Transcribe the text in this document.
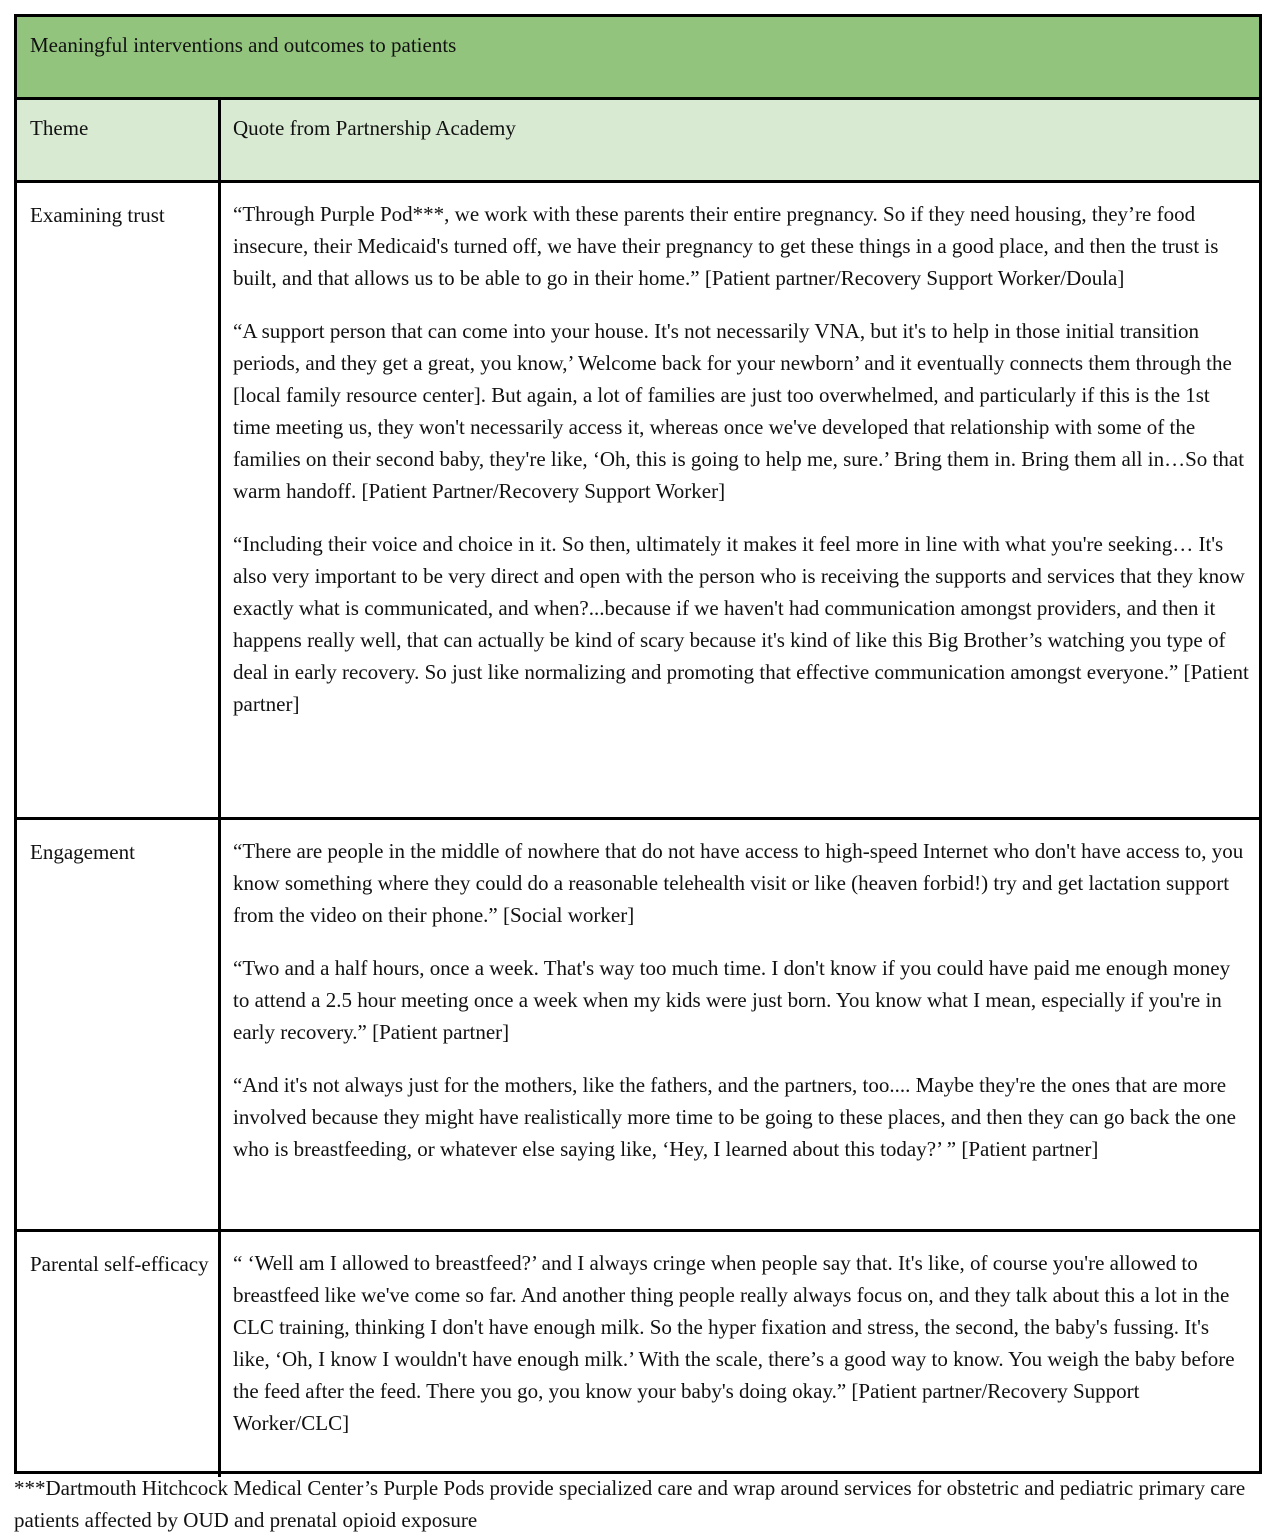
Meaningful interventions and outcomes to patients
Theme	Quote from Partnership Academy
Examining trust	“Through Purple Pod***, we work with these parents their entire pregnancy. So if they need housing, they’re food insecure, their Medicaid's turned off, we have their pregnancy to get these things in a good place, and then the trust is built, and that allows us to be able to go in their home.” [Patient partner/Recovery Support Worker/Doula]

“A support person that can come into your house. It's not necessarily VNA, but it's to help in those initial transition periods, and they get a great, you know,’ Welcome back for your newborn’ and it eventually connects them through the [local family resource center]. But again, a lot of families are just too overwhelmed, and particularly if this is the 1st time meeting us, they won't necessarily access it, whereas once we've developed that relationship with some of the families on their second baby, they're like, ‘Oh, this is going to help me, sure.’ Bring them in. Bring them all in…So that warm handoff. [Patient Partner/Recovery Support Worker]

“Including their voice and choice in it. So then, ultimately it makes it feel more in line with what you're seeking… It's also very important to be very direct and open with the person who is receiving the supports and services that they know exactly what is communicated, and when?...because if we haven't had communication amongst providers, and then it happens really well, that can actually be kind of scary because it's kind of like this Big Brother’s watching you type of deal in early recovery. So just like normalizing and promoting that effective communication amongst everyone.” [Patient partner]

Engagement	“There are people in the middle of nowhere that do not have access to high-speed Internet who don't have access to, you know something where they could do a reasonable telehealth visit or like (heaven forbid!) try and get lactation support from the video on their phone.” [Social worker]

“Two and a half hours, once a week. That's way too much time. I don't know if you could have paid me enough money to attend a 2.5 hour meeting once a week when my kids were just born. You know what I mean, especially if you're in early recovery.” [Patient partner]

“And it's not always just for the mothers, like the fathers, and the partners, too.... Maybe they're the ones that are more involved because they might have realistically more time to be going to these places, and then they can go back the one who is breastfeeding, or whatever else saying like, ‘Hey, I learned about this today?’ ” [Patient partner]

Parental self-efficacy “ ‘Well am I allowed to breastfeed?’ and I always cringe when people say that. It's like, of course you're allowed to breastfeed like we've come so far. And another thing people really always focus on, and they talk about this a lot in the CLC training, thinking I don't have enough milk. So the hyper fixation and stress, the second, the baby's fussing. It's like, ‘Oh, I know I wouldn't have enough milk.’ With the scale, there’s a good way to know. You weigh the baby before the feed after the feed. There you go, you know your baby's doing okay.” [Patient partner/Recovery Support Worker/CLC]

***Dartmouth Hitchcock Medical Center’s Purple Pods provide specialized care and wrap around services for obstetric and pediatric primary care patients affected by OUD and prenatal opioid exposure
